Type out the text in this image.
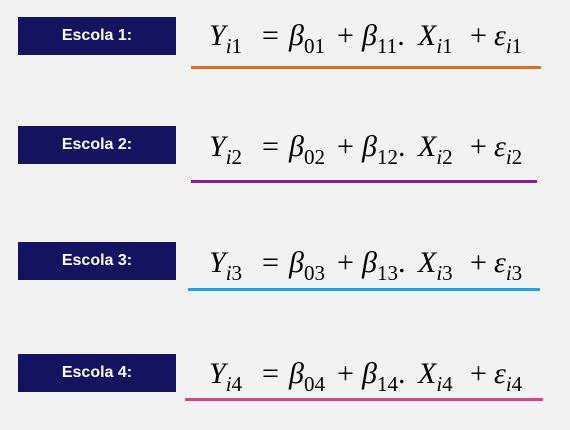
Escola 1:	$Y_i1 = \beta_{01} + \beta_{11}$. $X_i1 + \varepsilon_i1$
Escola 2:	$Y_i2 = \beta_{02} + \beta_{12}$. $X_i2 + \varepsilon_i2$
Escola 3:	$Y_i3 = \beta_{03} + \beta_{13}$. $X_i3 + \varepsilon_i3$
Escola 4:	$Y_i4 = \beta_{04} + \beta_{14}$. $X_i4 + \varepsilon_i4$
